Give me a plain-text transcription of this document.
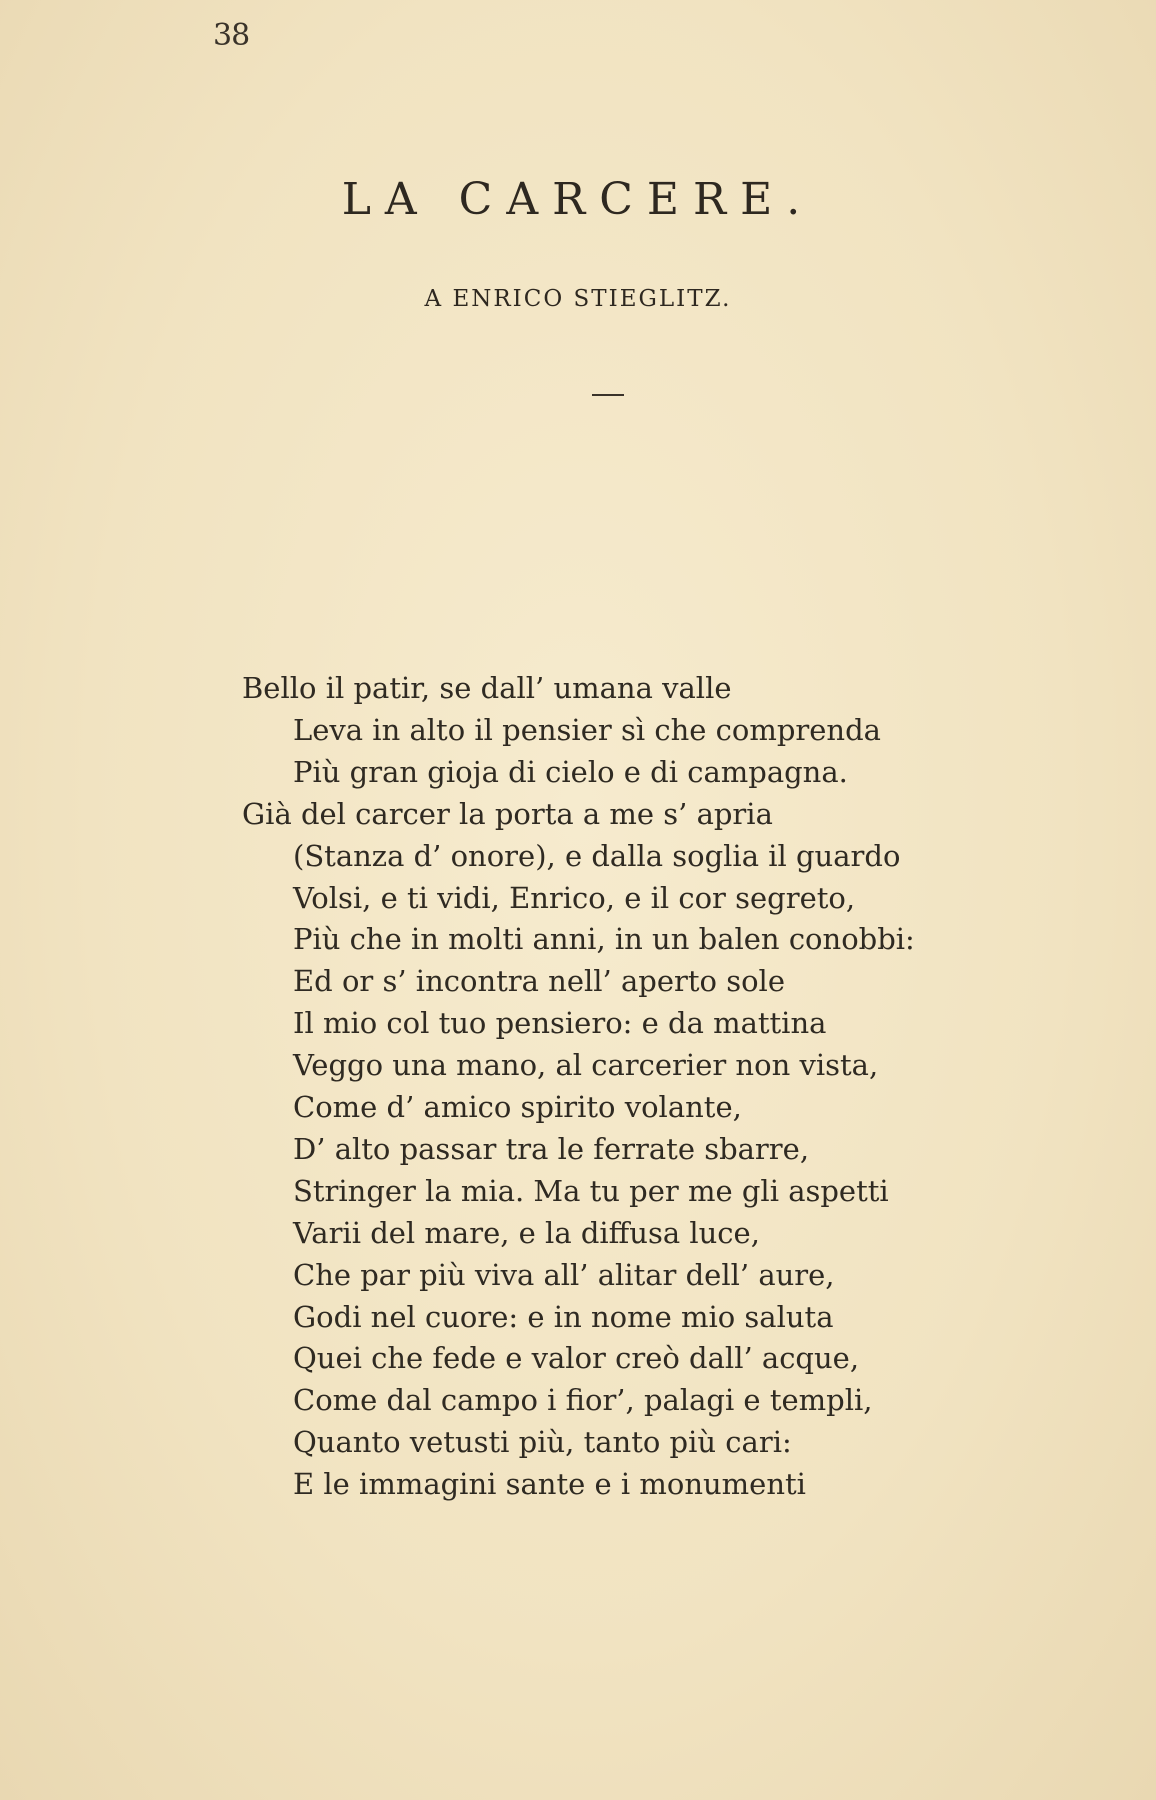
38
LA CARCERE.
A ENRICO STIEGLITZ.
Bello il patir, se dall’ umana valle
Leva in alto il pensier sì che comprenda
Più gran gioja di cielo e di campagna.
Già del carcer la porta a me s’ apria
(Stanza d’ onore), e dalla soglia il guardo
Volsi, e ti vidi, Enrico, e il cor segreto,
Più che in molti anni, in un balen conobbi:
Ed or s’ incontra nell’ aperto sole
Il mio col tuo pensiero: e da mattina
Veggo una mano, al carcerier non vista,
Come d’ amico spirito volante,
D’ alto passar tra le ferrate sbarre,
Stringer la mia. Ma tu per me gli aspetti
Varii del mare, e la diffusa luce,
Che par più viva all’ alitar dell’ aure,
Godi nel cuore: e in nome mio saluta
Quei che fede e valor creò dall’ acque,
Come dal campo i fior’, palagi e templi,
Quanto vetusti più, tanto più cari:
E le immagini sante e i monumenti
